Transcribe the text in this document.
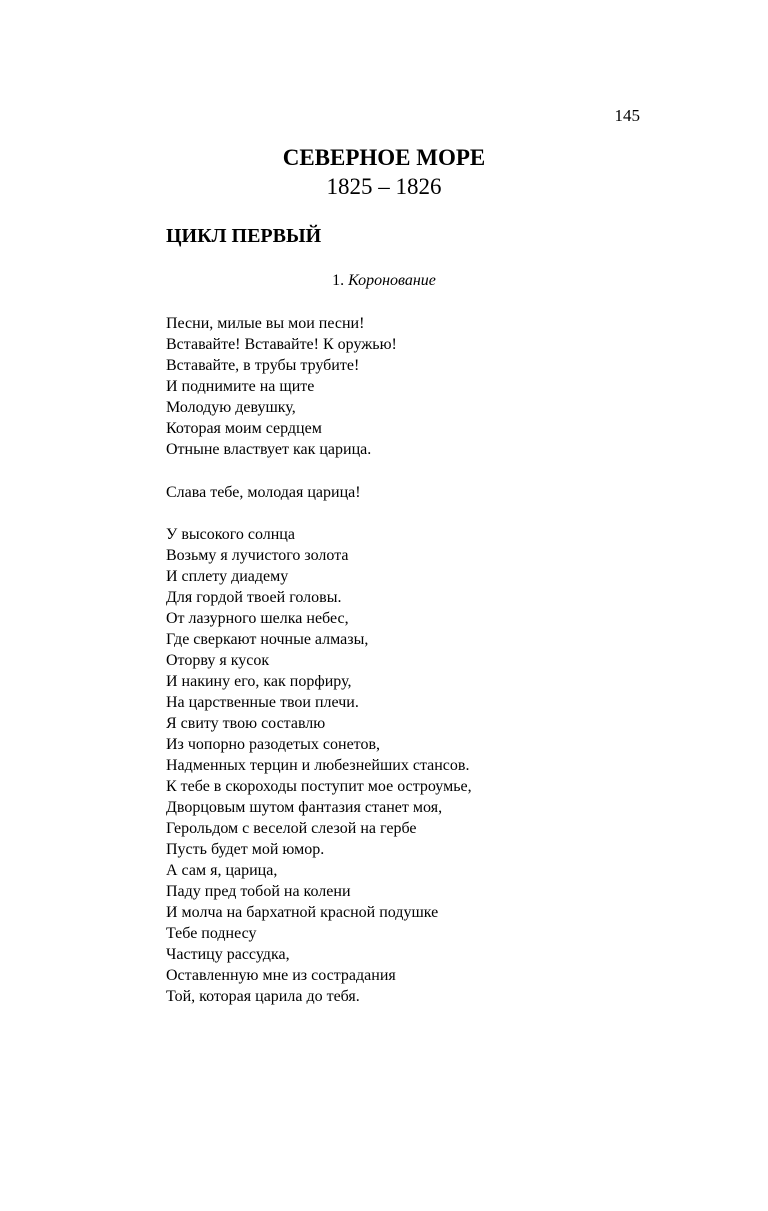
145
СЕВЕРНОЕ МОРЕ
1825 – 1826
ЦИКЛ ПЕРВЫЙ
1. Коронование
Песни, милые вы мои песни!
Вставайте! Вставайте! К оружью!
Вставайте, в трубы трубите!
И поднимите на щите
Молодую девушку,
Которая моим сердцем
Отныне властвует как царица.
Слава тебе, молодая царица!
У высокого солнца
Возьму я лучистого золота
И сплету диадему
Для гордой твоей головы.
От лазурного шелка небес,
Где сверкают ночные алмазы,
Оторву я кусок
И накину его, как порфиру,
На царственные твои плечи.
Я свиту твою составлю
Из чопорно разодетых сонетов,
Надменных терцин и любезнейших стансов.
К тебе в скороходы поступит мое остроумье,
Дворцовым шутом фантазия станет моя,
Герольдом с веселой слезой на гербе
Пусть будет мой юмор.
А сам я, царица,
Паду пред тобой на колени
И молча на бархатной красной подушке
Тебе поднесу
Частицу рассудка,
Оставленную мне из сострадания
Той, которая царила до тебя.
